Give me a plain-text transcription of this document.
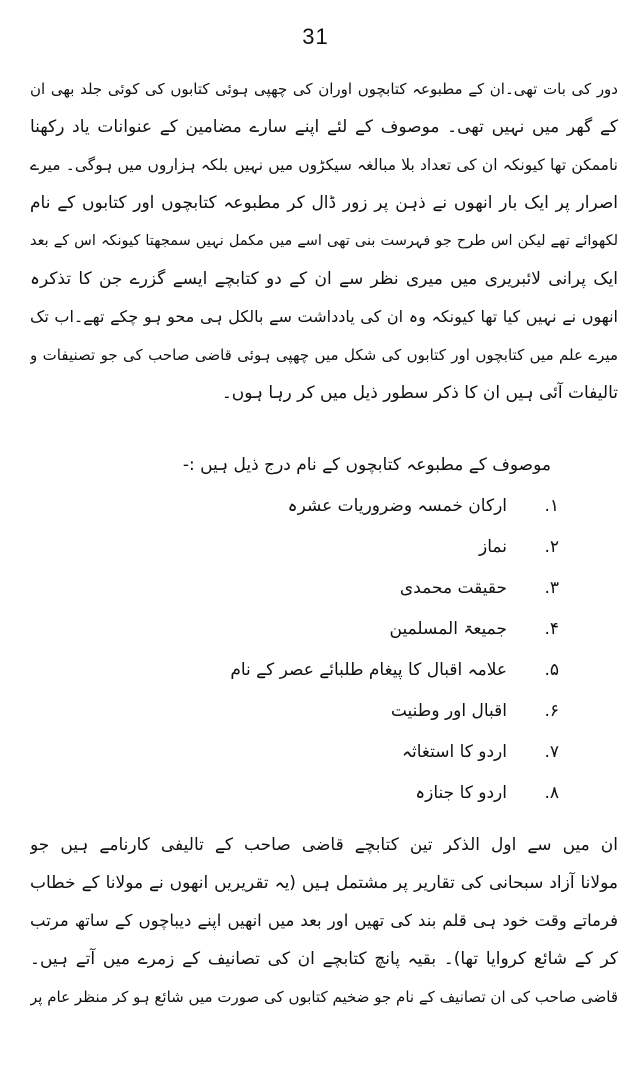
31
دور کی بات تھی۔ان کے مطبوعہ کتابچوں اوران کی چھپی ہوئی کتابوں کی کوئی جلد بھی ان
کے گھر میں نہیں تھی۔ موصوف کے لئے اپنے سارے مضامین کے عنوانات یاد رکھنا
ناممکن تھا کیونکہ ان کی تعداد بلا مبالغہ سیکڑوں میں نہیں بلکہ ہزاروں میں ہوگی۔ میرے
اصرار پر ایک بار انھوں نے ذہن پر زور ڈال کر مطبوعہ کتابچوں اور کتابوں کے نام
لکھوائے تھے لیکن اس طرح جو فہرست بنی تھی اسے میں مکمل نہیں سمجھتا کیونکہ اس کے بعد
ایک پرانی لائبریری میں میری نظر سے ان کے دو کتابچے ایسے گزرے جن کا تذکرہ
انھوں نے نہیں کیا تھا کیونکہ وہ ان کی یادداشت سے بالکل ہی محو ہو چکے تھے۔اب تک
میرے علم میں کتابچوں اور کتابوں کی شکل میں چھپی ہوئی قاضی صاحب کی جو تصنیفات و
تالیفات آئی ہیں ان کا ذکر سطور ذیل میں کر رہا ہوں۔
موصوف کے مطبوعہ کتابچوں کے نام درج ذیل ہیں :-
۱.ارکان خمسہ وضروریات عشرہ
۲.نماز
۳.حقیقت محمدی
۴.جمیعۃ المسلمین
۵.علامہ اقبال کا پیغام طلبائے عصر کے نام
۶.اقبال اور وطنیت
۷.اردو کا استغاثہ
۸.اردو کا جنازہ
ان میں سے اول الذکر تین کتابچے قاضی صاحب کے تالیفی کارنامے ہیں جو
مولانا آزاد سبحانی کی تقاریر پر مشتمل ہیں (یہ تقریریں انھوں نے مولانا کے خطاب
فرماتے وقت خود ہی قلم بند کی تھیں اور بعد میں انھیں اپنے دیباچوں کے ساتھ مرتب
کر کے شائع کروایا تھا)۔ بقیہ پانچ کتابچے ان کی تصانیف کے زمرے میں آتے ہیں۔
قاضی صاحب کی ان تصانیف کے نام جو ضخیم کتابوں کی صورت میں شائع ہو کر منظر عام پر
